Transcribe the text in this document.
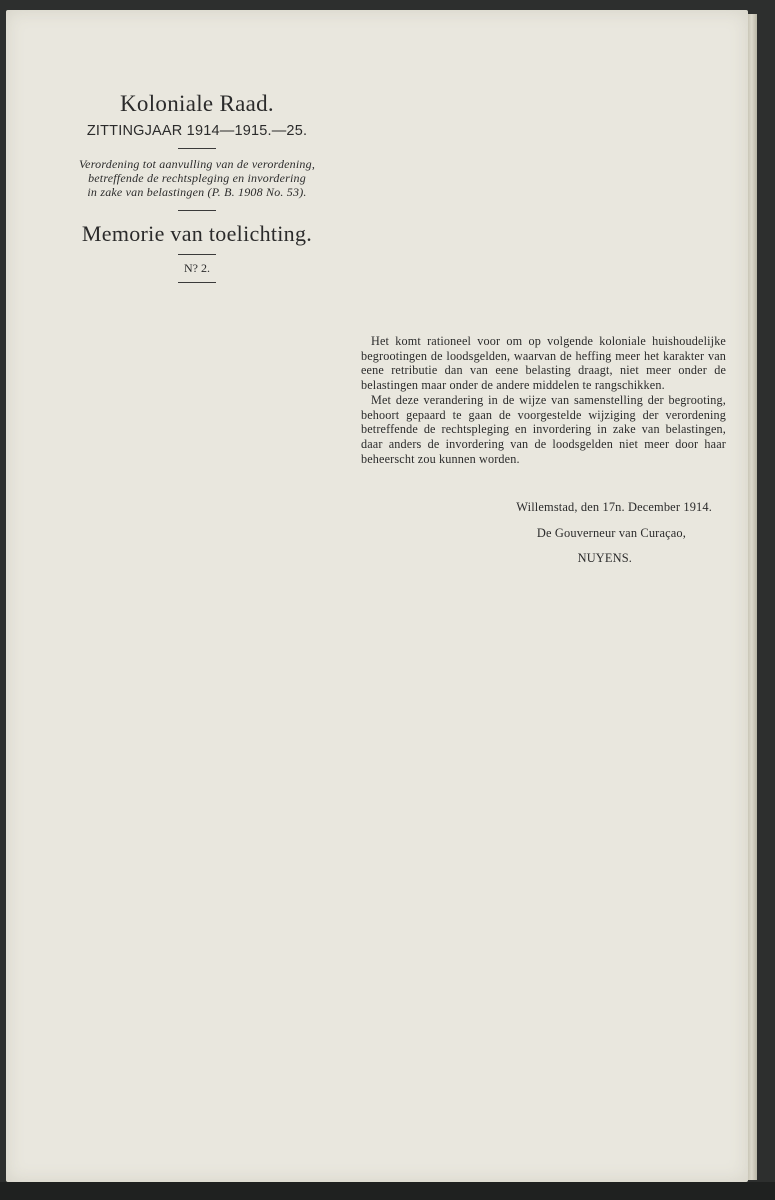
Koloniale Raad.
ZITTINGJAAR 1914—1915.—25.
Verordening tot aanvulling van de verordening,
betreffende de rechtspleging en invordering
in zake van belastingen (P. B. 1908 No. 53).
Memorie van toelichting.
N? 2.

Het komt rationeel voor om op volgende koloniale huishoudelijke begrootingen de loodsgelden, waarvan de heffing meer het karakter van eene retributie dan van eene belasting draagt, niet meer onder de belastingen maar onder de andere middelen te rangschikken.

Met deze verandering in de wijze van samenstelling der begrooting, behoort gepaard te gaan de voorgestelde wijziging der verordening betreffende de rechtspleging en invordering in zake van belastingen, daar anders de invordering van de loodsgelden niet meer door haar beheerscht zou kunnen worden.

Willemstad, den 17n. December 1914.
De Gouverneur van Curaçao,
NUYENS.
